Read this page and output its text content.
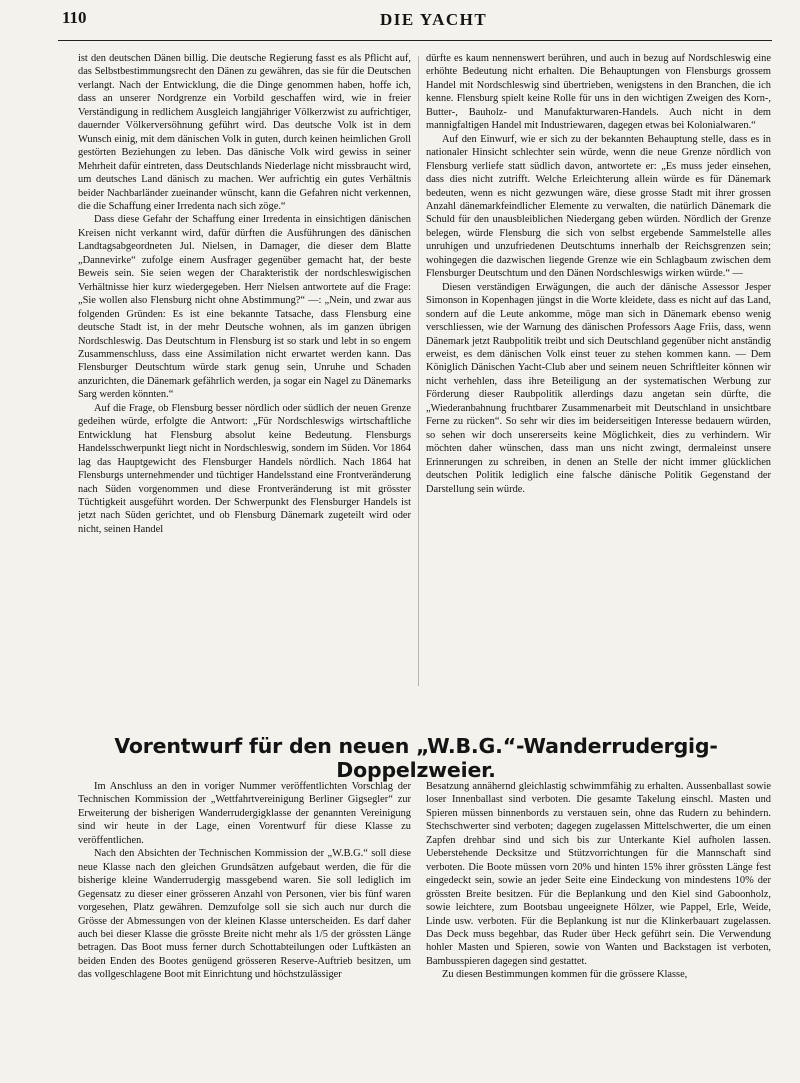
110	DIE YACHT

ist den deutschen Dänen billig. Die deutsche Regierung fasst es als Pflicht auf, das Selbstbestimmungsrecht den Dänen zu gewähren, das sie für die Deutschen verlangt. Nach der Entwicklung, die die Dinge genommen haben, hoffe ich, dass an unserer Nordgrenze ein Vorbild geschaffen wird, wie in freier Verständigung in redlichem Ausgleich langjähriger Völkerzwist zu aufrichtiger, dauernder Völkerversöhnung geführt wird. Das deutsche Volk ist in dem Wunsch einig, mit dem dänischen Volk in guten, durch keinen heimlichen Groll gestörten Beziehungen zu leben. Das dänische Volk wird gewiss in seiner Mehrheit dafür eintreten, dass Deutschlands Niederlage nicht missbraucht wird, um deutsches Land dänisch zu machen. Wer aufrichtig ein gutes Verhältnis beider Nachbarländer zueinander wünscht, kann die Gefahren nicht verkennen, die die Schaffung einer Irredenta nach sich zöge.“

Dass diese Gefahr der Schaffung einer Irredenta in einsichtigen dänischen Kreisen nicht verkannt wird, dafür dürften die Ausführungen des dänischen Landtagsabgeordneten Jul. Nielsen, in Damager, die dieser dem Blatte „Dannevirke“ zufolge einem Ausfrager gegenüber gemacht hat, der beste Beweis sein. Sie seien wegen der Charakteristik der nordschleswigischen Verhältnisse hier kurz wiedergegeben. Herr Nielsen antwortete auf die Frage: „Sie wollen also Flensburg nicht ohne Abstimmung?“ —: „Nein, und zwar aus folgenden Gründen: Es ist eine bekannte Tatsache, dass Flensburg eine deutsche Stadt ist, in der mehr Deutsche wohnen, als im ganzen übrigen Nordschleswig. Das Deutschtum in Flensburg ist so stark und lebt in so engem Zusammenschluss, dass eine Assimilation nicht erwartet werden kann. Das Flensburger Deutschtum würde stark genug sein, Unruhe und Schaden anzurichten, die Dänemark gefährlich werden, ja sogar ein Nagel zu Dänemarks Sarg werden könnten.“

Auf die Frage, ob Flensburg besser nördlich oder südlich der neuen Grenze gedeihen würde, erfolgte die Antwort: „Für Nordschleswigs wirtschaftliche Entwicklung hat Flensburg absolut keine Bedeutung. Flensburgs Handelsschwerpunkt liegt nicht in Nordschleswig, sondern im Süden. Vor 1864 lag das Hauptgewicht des Flensburger Handels nördlich. Nach 1864 hat Flensburgs unternehmender und tüchtiger Handelsstand eine Frontveränderung nach Süden vorgenommen und diese Frontveränderung ist mit grösster Tüchtigkeit ausgeführt worden. Der Schwerpunkt des Flensburger Handels ist jetzt nach Süden gerichtet, und ob Flensburg Dänemark zugeteilt wird oder nicht, seinen Handel

dürfte es kaum nennenswert berühren, und auch in bezug auf Nordschleswig eine erhöhte Bedeutung nicht erhalten. Die Behauptungen von Flensburgs grossem Handel mit Nordschleswig sind übertrieben, wenigstens in den Branchen, die ich kenne. Flensburg spielt keine Rolle für uns in den wichtigen Zweigen des Korn-, Butter-, Bauholz- und Manufakturwaren-Handels. Auch nicht in dem mannigfaltigen Handel mit Industriewaren, dagegen etwas bei Kolonialwaren.“

Auf den Einwurf, wie er sich zu der bekannten Behauptung stelle, dass es in nationaler Hinsicht schlechter sein würde, wenn die neue Grenze nördlich von Flensburg verliefe statt südlich davon, antwortete er: „Es muss jeder einsehen, dass dies nicht zutrifft. Welche Erleichterung allein würde es für Dänemark bedeuten, wenn es nicht gezwungen wäre, diese grosse Stadt mit ihrer grossen Anzahl dänemarkfeindlicher Elemente zu verwalten, die natürlich Dänemark die Schuld für den unausbleiblichen Niedergang geben würden. Nördlich der Grenze belegen, würde Flensburg die sich von selbst ergebende Sammelstelle alles unruhigen und unzufriedenen Deutschtums innerhalb der Reichsgrenzen sein; wohingegen die dazwischen liegende Grenze wie ein Schlagbaum zwischen dem Flensburger Deutschtum und den Dänen Nordschleswigs wirken würde.“ —

Diesen verständigen Erwägungen, die auch der dänische Assessor Jesper Simonson in Kopenhagen jüngst in die Worte kleidete, dass es nicht auf das Land, sondern auf die Leute ankomme, möge man sich in Dänemark ebenso wenig verschliessen, wie der Warnung des dänischen Professors Aage Friis, dass, wenn Dänemark jetzt Raubpolitik treibt und sich Deutschland gegenüber nicht anständig erweist, es dem dänischen Volk einst teuer zu stehen kommen kann. — Dem Königlich Dänischen Yacht-Club aber und seinem neuen Schriftleiter können wir nicht verhehlen, dass ihre Beteiligung an der systematischen Werbung zur Förderung dieser Raubpolitik allerdings dazu angetan sein dürfte, die „Wiederanbahnung fruchtbarer Zusammenarbeit mit Deutschland in unsichtbare Ferne zu rücken“. So sehr wir dies im beiderseitigen Interesse bedauern würden, so sehen wir doch unsererseits keine Möglichkeit, dies zu verhindern. Wir möchten daher wünschen, dass man uns nicht zwingt, dermaleinst unsere Erinnerungen zu schreiben, in denen an Stelle der nicht immer glücklichen deutschen Politik lediglich eine falsche dänische Politik Gegenstand der Darstellung sein würde.

Vorentwurf für den neuen „W.B.G.“-Wanderrudergig-Doppelzweier.

Im Anschluss an den in voriger Nummer veröffentlichten Vorschlag der Technischen Kommission der „Wettfahrtvereinigung Berliner Gigsegler“ zur Erweiterung der bisherigen Wanderrudergigklasse der genannten Vereinigung sind wir heute in der Lage, einen Vorentwurf für diese Klasse zu veröffentlichen.

Nach den Absichten der Technischen Kommission der „W.B.G.“ soll diese neue Klasse nach den gleichen Grundsätzen aufgebaut werden, die für die bisherige kleine Wanderrudergig massgebend waren. Sie soll lediglich im Gegensatz zu dieser einer grösseren Anzahl von Personen, vier bis fünf waren vorgesehen, Platz gewähren. Demzufolge soll sie sich auch nur durch die Grösse der Abmessungen von der kleinen Klasse unterscheiden. Es darf daher auch bei dieser Klasse die grösste Breite nicht mehr als 1/5 der grössten Länge betragen. Das Boot muss ferner durch Schottabteilungen oder Luftkästen an beiden Enden des Bootes genügend grösseren Reserve-Auftrieb besitzen, um das vollgeschlagene Boot mit Einrichtung und höchstzulässiger

Besatzung annähernd gleichlastig schwimmfähig zu erhalten. Aussenballast sowie loser Innenballast sind verboten. Die gesamte Takelung einschl. Masten und Spieren müssen binnenbords zu verstauen sein, ohne das Rudern zu behindern. Stechschwerter sind verboten; dagegen zugelassen Mittelschwerter, die um einen Zapfen drehbar sind und sich bis zur Unterkante Kiel aufholen lassen. Ueberstehende Decksitze und Stützvorrichtungen für die Mannschaft sind verboten. Die Boote müssen vorn 20% und hinten 15% ihrer grössten Länge fest eingedeckt sein, sowie an jeder Seite eine Eindeckung von mindestens 10% der grössten Breite besitzen. Für die Beplankung und den Kiel sind Gaboonholz, sowie leichtere, zum Bootsbau ungeeignete Hölzer, wie Pappel, Erle, Weide, Linde usw. verboten. Für die Beplankung ist nur die Klinkerbauart zugelassen. Das Deck muss begehbar, das Ruder über Heck geführt sein. Die Verwendung hohler Masten und Spieren, sowie von Wanten und Backstagen ist verboten, Bambusspieren dagegen sind gestattet.

Zu diesen Bestimmungen kommen für die grössere Klasse,
